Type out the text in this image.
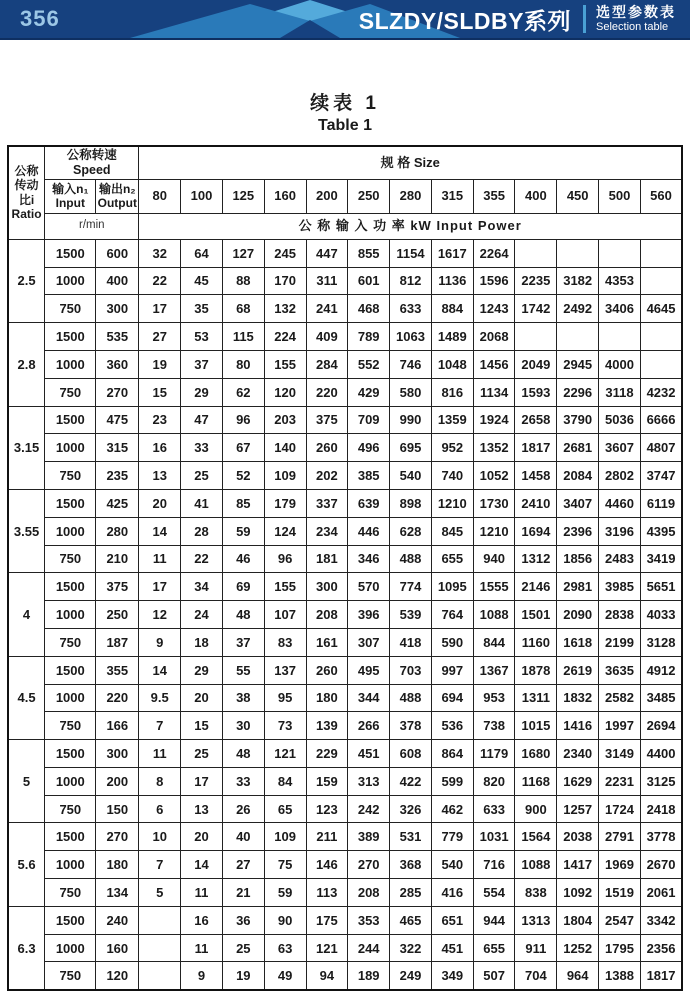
356	SLZDY/SLDBY系列 选型参数表
Selection table
续表 1
Table 1
公称传动比i
Ratio

公称转速
Speed	规 格 Size

输入n₁
Input

输出n₂
Output	80	100	125	160	200	250	280	315	355	400	450	500	560
	r/min		公 称 输 入 功 率 kW Input Power												
2.5	1500	600	32	64	127	245	447	855	1154	1617	2264				
	1000	400	22	45	88	170	311	601	812	1136	1596	2235	3182	4353	
	750	300	17	35	68	132	241	468	633	884	1243	1742	2492	3406	4645
2.8	1500	535	27	53	115	224	409	789	1063	1489	2068				
	1000	360	19	37	80	155	284	552	746	1048	1456	2049	2945	4000	
	750	270	15	29	62	120	220	429	580	816	1134	1593	2296	3118	4232
3.15	1500	475	23	47	96	203	375	709	990	1359	1924	2658	3790	5036	6666
	1000	315	16	33	67	140	260	496	695	952	1352	1817	2681	3607	4807
	750	235	13	25	52	109	202	385	540	740	1052	1458	2084	2802	3747
3.55	1500	425	20	41	85	179	337	639	898	1210	1730	2410	3407	4460	6119
	1000	280	14	28	59	124	234	446	628	845	1210	1694	2396	3196	4395
	750	210	11	22	46	96	181	346	488	655	940	1312	1856	2483	3419
4	1500	375	17	34	69	155	300	570	774	1095	1555	2146	2981	3985	5651
	1000	250	12	24	48	107	208	396	539	764	1088	1501	2090	2838	4033
	750	187	9	18	37	83	161	307	418	590	844	1160	1618	2199	3128
4.5	1500	355	14	29	55	137	260	495	703	997	1367	1878	2619	3635	4912
	1000	220	9.5	20	38	95	180	344	488	694	953	1311	1832	2582	3485
	750	166	7	15	30	73	139	266	378	536	738	1015	1416	1997	2694
5	1500	300	11	25	48	121	229	451	608	864	1179	1680	2340	3149	4400
	1000	200	8	17	33	84	159	313	422	599	820	1168	1629	2231	3125
	750	150	6	13	26	65	123	242	326	462	633	900	1257	1724	2418
5.6	1500	270	10	20	40	109	211	389	531	779	1031	1564	2038	2791	3778
	1000	180	7	14	27	75	146	270	368	540	716	1088	1417	1969	2670
	750	134	5	11	21	59	113	208	285	416	554	838	1092	1519	2061
6.3	1500	240		16	36	90	175	353	465	651	944	1313	1804	2547	3342
	1000	160		11	25	63	121	244	322	451	655	911	1252	1795	2356
	750	120		9	19	49	94	189	249	349	507	704	964	1388	1817
